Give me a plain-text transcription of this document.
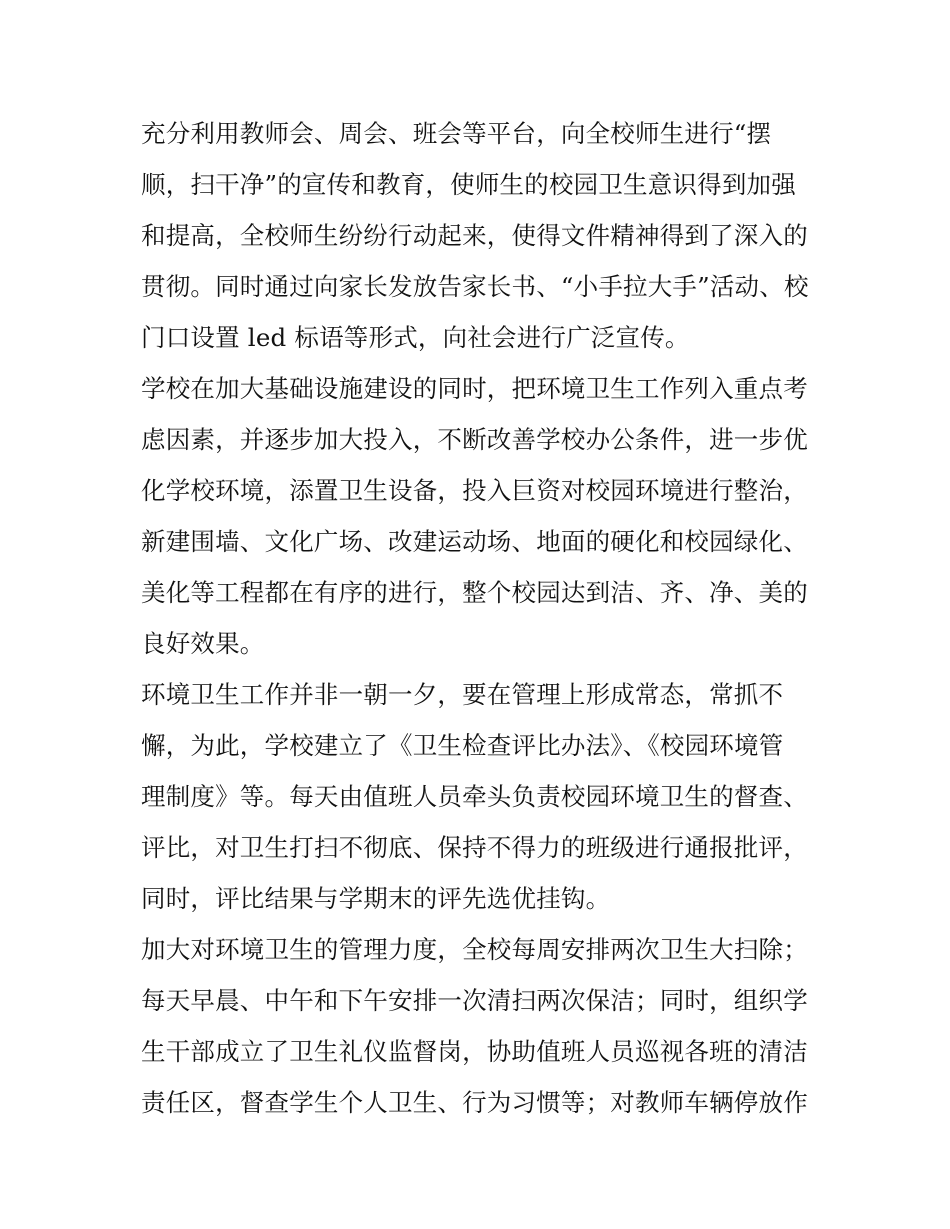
充分利用教师会、周会、班会等平台，向全校师生进行“摆
顺，扫干净”的宣传和教育，使师生的校园卫生意识得到加强
和提高，全校师生纷纷行动起来，使得文件精神得到了深入的
贯彻。同时通过向家长发放告家长书、“小手拉大手”活动、校
门口设置 led 标语等形式，向社会进行广泛宣传。

学校在加大基础设施建设的同时，把环境卫生工作列入重点考
虑因素，并逐步加大投入，不断改善学校办公条件，进一步优
化学校环境，添置卫生设备，投入巨资对校园环境进行整治，
新建围墙、文化广场、改建运动场、地面的硬化和校园绿化、
美化等工程都在有序的进行，整个校园达到洁、齐、净、美的
良好效果。

环境卫生工作并非一朝一夕，要在管理上形成常态，常抓不
懈，为此，学校建立了《卫生检查评比办法》、《校园环境管
理制度》等。每天由值班人员牵头负责校园环境卫生的督查、
评比，对卫生打扫不彻底、保持不得力的班级进行通报批评，
同时，评比结果与学期末的评先选优挂钩。

加大对环境卫生的管理力度，全校每周安排两次卫生大扫除；
每天早晨、中午和下午安排一次清扫两次保洁；同时，组织学
生干部成立了卫生礼仪监督岗，协助值班人员巡视各班的清洁
责任区，督查学生个人卫生、行为习惯等；对教师车辆停放作
